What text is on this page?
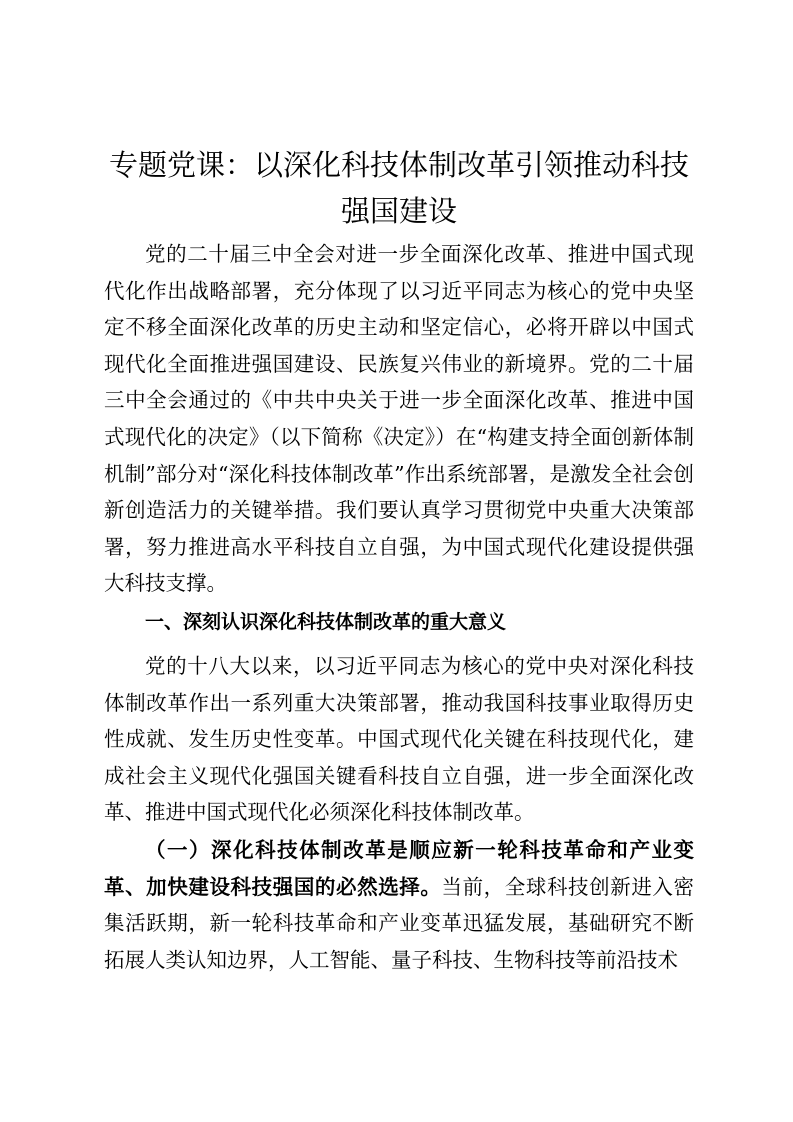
专题党课：以深化科技体制改革引领推动科技强国建设

党的二十届三中全会对进一步全面深化改革、推进中国式现代化作出战略部署，充分体现了以习近平同志为核心的党中央坚定不移全面深化改革的历史主动和坚定信心，必将开辟以中国式现代化全面推进强国建设、民族复兴伟业的新境界。党的二十届三中全会通过的《中共中央关于进一步全面深化改革、推进中国式现代化的决定》（以下简称《决定》）在“构建支持全面创新体制机制”部分对“深化科技体制改革”作出系统部署，是激发全社会创新创造活力的关键举措。我们要认真学习贯彻党中央重大决策部署，努力推进高水平科技自立自强，为中国式现代化建设提供强大科技支撑。

一、深刻认识深化科技体制改革的重大意义

党的十八大以来，以习近平同志为核心的党中央对深化科技体制改革作出一系列重大决策部署，推动我国科技事业取得历史性成就、发生历史性变革。中国式现代化关键在科技现代化，建成社会主义现代化强国关键看科技自立自强，进一步全面深化改革、推进中国式现代化必须深化科技体制改革。

（一）深化科技体制改革是顺应新一轮科技革命和产业变革、加快建设科技强国的必然选择。当前，全球科技创新进入密集活跃期，新一轮科技革命和产业变革迅猛发展，基础研究不断拓展人类认知边界，人工智能、量子科技、生物科技等前沿技术
